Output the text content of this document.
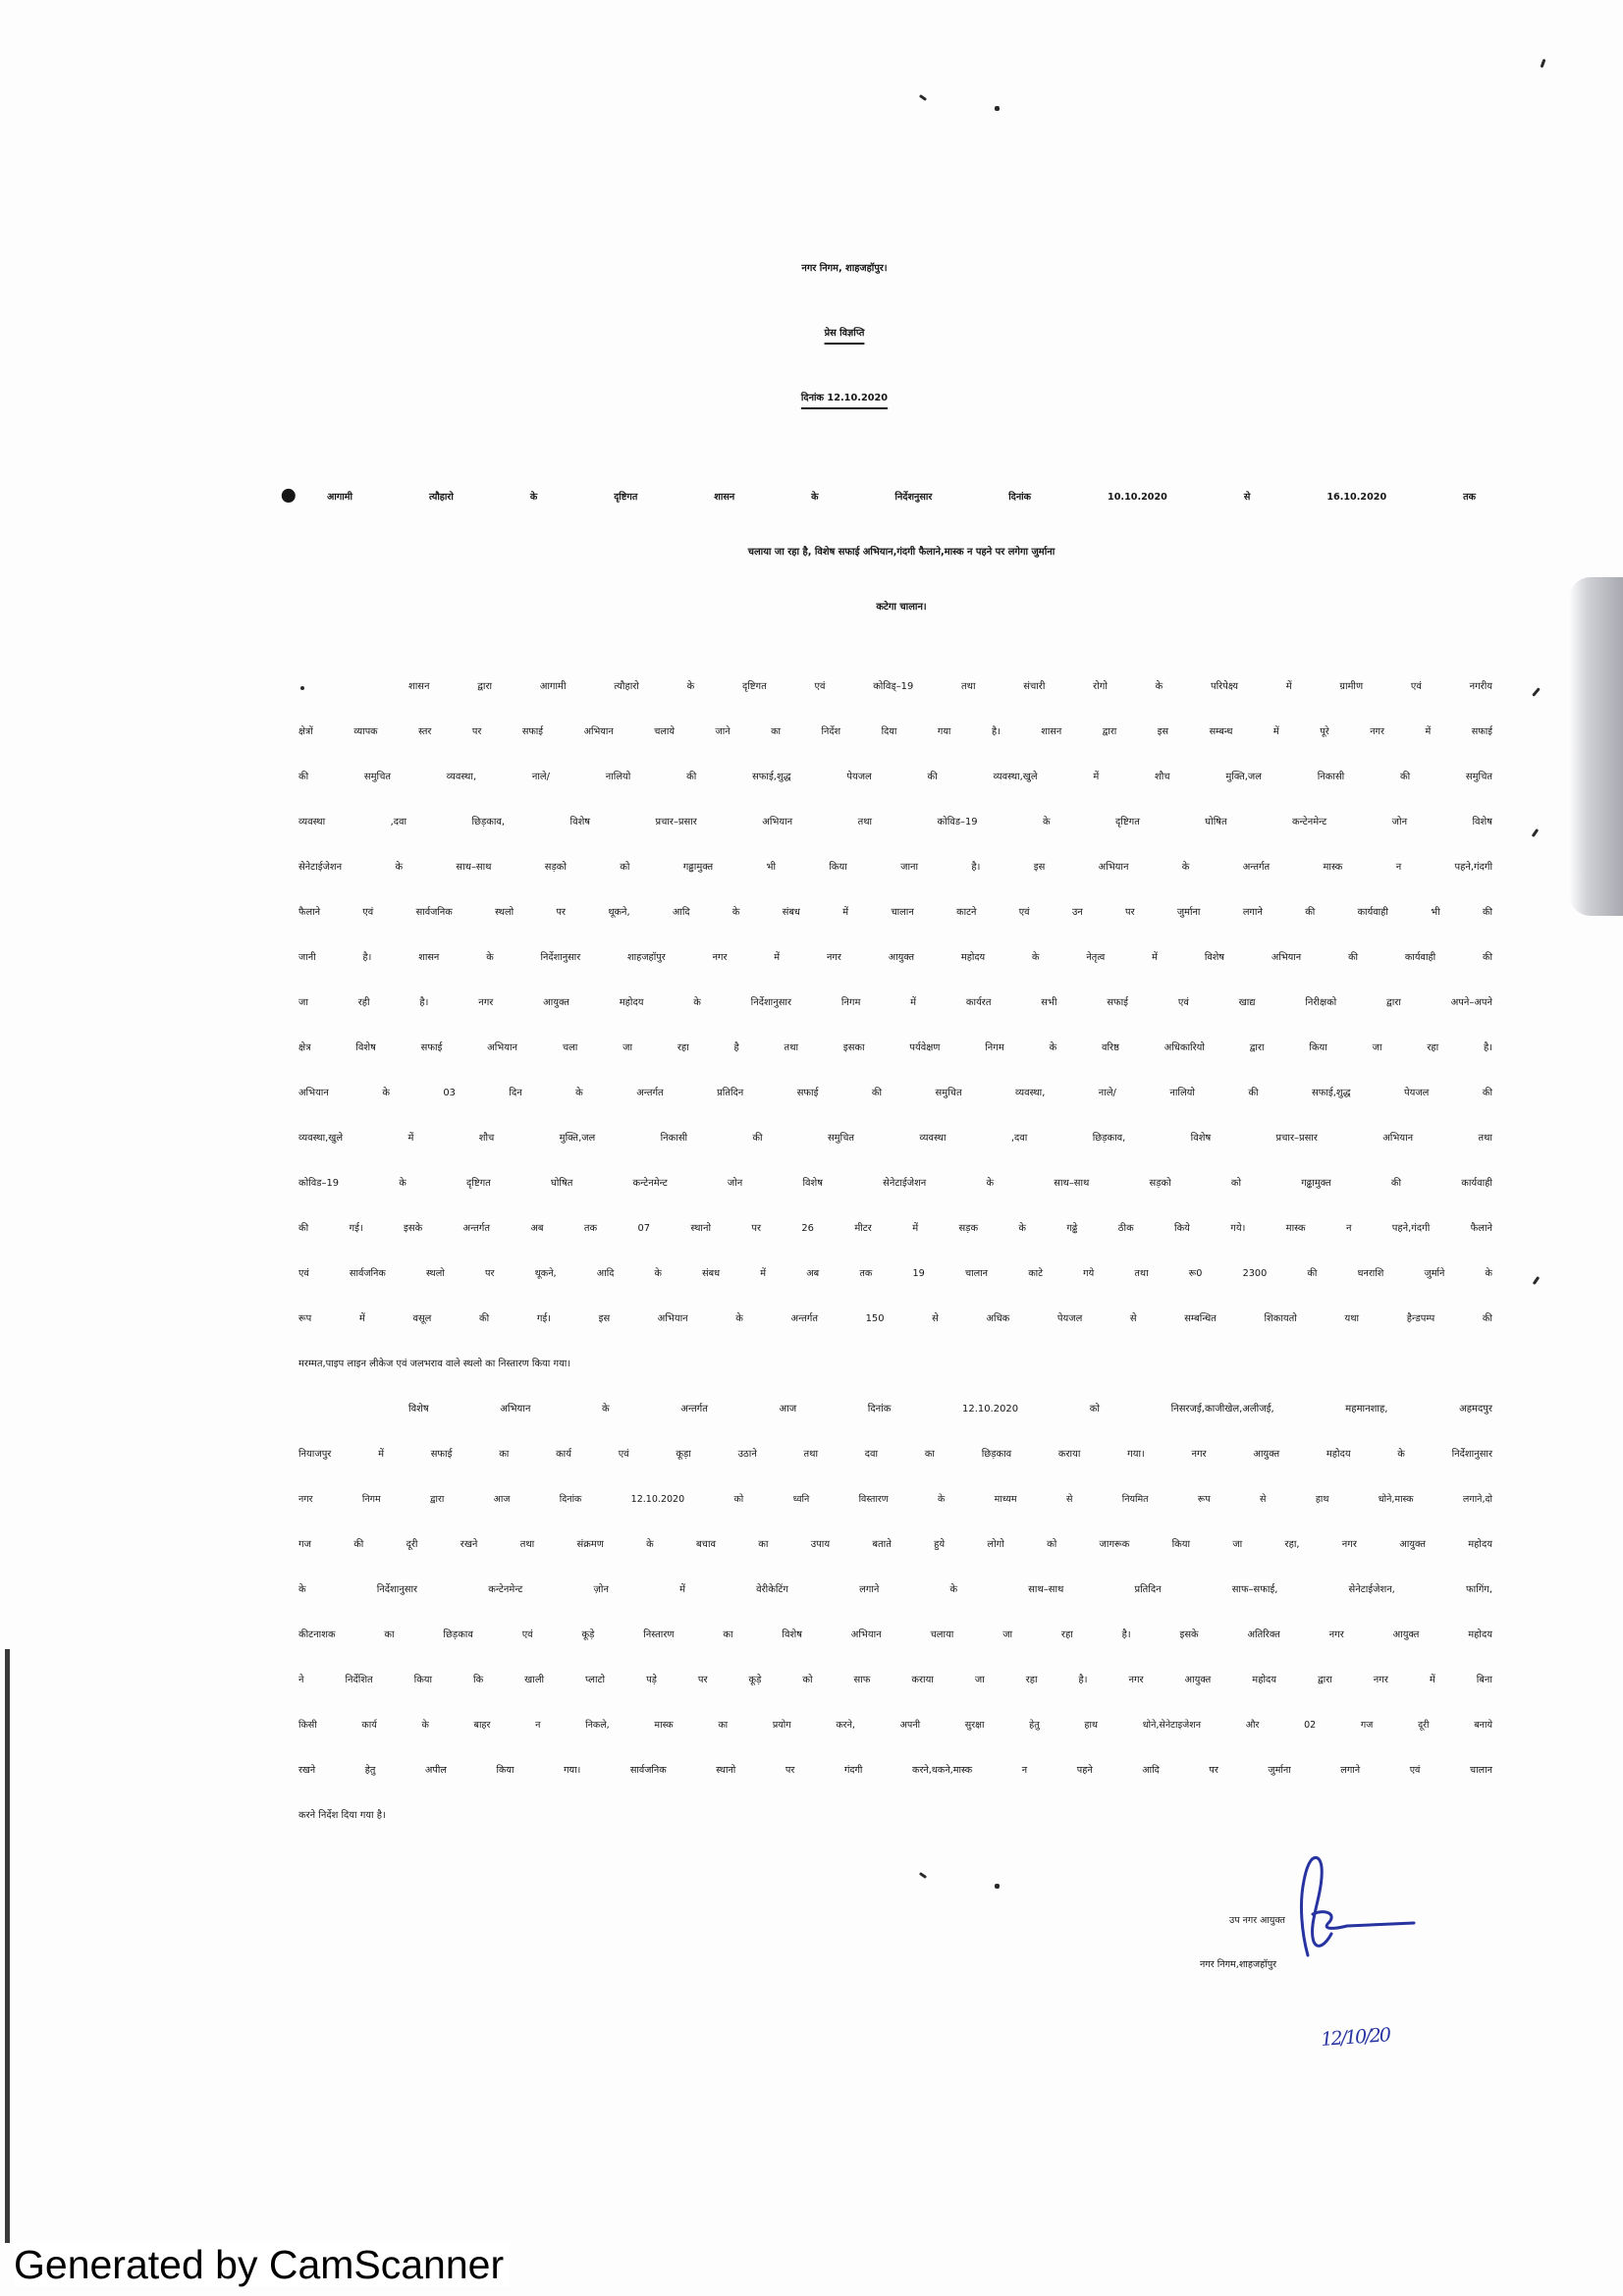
नगर निगम, शाहजहॉपुर।
प्रेस विज्ञप्ति
दिनांक 12.10.2020
•	आगामी त्यौहारो के दृष्टिगत शासन के निर्देशनुसार दिनांक 10.10.2020 से 16.10.2020 तक
चलाया जा रहा है, विशेष सफाई अभियान,गंदगी फैलाने,मास्क न पहने पर लगेगा जुर्माना
कटेगा चालान।
शासन द्वारा आगामी त्यौहारो के दृष्टिगत एवं कोविड्–19 तथा संचारी रोगो के परिपेक्ष्य में ग्रामीण एवं नगरीय
क्षेत्रों व्यापक स्तर पर सफाई अभियान चलाये जाने का निर्देश दिया गया है। शासन द्वारा इस सम्बन्ध में पूरे नगर में सफाई
की समुचित व्यवस्था, नाले/ नालियो की सफाई,शुद्ध पेयजल की व्यवस्था,खुले में शौच मुक्ति,जल निकासी की समुचित
व्यवस्था ,दवा छिड़काव, विशेष प्रचार–प्रसार अभियान तथा कोविड–19 के दृष्टिगत घोषित कन्टेनमेन्ट जोन विशेष
सेनेटाईजेशन के साथ–साथ सड़को को गढ्ढामुक्त भी किया जाना है। इस अभियान के अन्तर्गत मास्क न पहने,गंदगी
फैलाने एवं सार्वजनिक स्थलो पर थूकने, आदि के संबध में चालान काटने एवं उन पर जुर्माना लगाने की कार्यवाही भी की
जानी है। शासन के निर्देशानुसार शाहजहॉपुर नगर में नगर आयुक्त महोदय के नेतृत्व में विशेष अभियान की कार्यवाही की
जा रही है। नगर आयुक्त महोदय के निर्देशानुसार निगम में कार्यरत सभी सफाई एवं खाद्य निरीक्षको द्वारा अपने–अपने
क्षेत्र विशेष सफाई अभियान चला जा रहा है तथा इसका पर्यवेक्षण निगम के वरिष्ठ अधिकारियो द्वारा किया जा रहा है।
अभियान के 03 दिन के अन्तर्गत प्रतिदिन सफाई की समुचित व्यवस्था, नाले/ नालियो की सफाई,शुद्ध पेयजल की
व्यवस्था,खुले में शौच मुक्ति,जल निकासी की समुचित व्यवस्था ,दवा छिड़काव, विशेष प्रचार–प्रसार अभियान तथा
कोविड–19 के दृष्टिगत घोषित कन्टेनमेन्ट जोन विशेष सेनेटाईजेशन के साथ–साथ सड़को को गढ्ढामुक्त की कार्यवाही
की गई। इसके अन्तर्गत अब तक 07 स्थानो पर 26 मीटर में सड़क के गढ्ढे ठीक किये गये। मास्क न पहने,गंदगी फैलाने
एवं सार्वजनिक स्थलो पर थूकने, आदि के संबध में अब तक 19 चालान काटे गये तथा रू0 2300 की धनराशि जुर्माने के
रूप में वसूल की गई। इस अभियान के अन्तर्गत 150 से अधिक पेयजल से सम्बन्धित शिकायतो यथा हैन्डपम्प की
मरम्मत,पाइप लाइन लीकेज एवं जलभराव वाले स्थलो का निस्तारण किया गया।
विशेष अभियान के अन्तर्गत आज दिनांक 12.10.2020 को निसरजई,काजीखेल,अलीजई, महमानशाह, अहमदपुर
नियाजपुर में सफाई का कार्य एवं कूड़ा उठाने तथा दवा का छिड़काव कराया गया। नगर आयुक्त महोदय के निर्देशानुसार
नगर निगम द्वारा आज दिनांक 12.10.2020 को ध्वनि विस्तारण के माध्यम से नियमित रूप से हाथ धोने,मास्क लगाने,दो
गज की दूरी रखने तथा संक्रमण के बचाव का उपाय बताते हुये लोगो को जागरूक किया जा रहा, नगर आयुक्त महोदय
के निर्देशानुसार कन्टेनमेन्ट ज़ोन में वेरीकेटिंग लगाने के साथ–साथ प्रतिदिन साफ–सफाई, सेनेटाईजेशन, फागिंग,
कीटनाशक का छिड़काव एवं कूड़े निस्तारण का विशेष अभियान चलाया जा रहा है। इसके अतिरिक्त नगर आयुक्त महोदय
ने निर्देशित किया कि खाली प्लाटो पड़े पर कूड़े को साफ कराया जा रहा है। नगर आयुक्त महोदय द्वारा नगर में बिना
किसी कार्य के बाहर न निकले, मास्क का प्रयोग करने, अपनी सुरक्षा हेतु हाथ धोने,सेनेटाइजेशन और 02 गज दूरी बनाये
रखने हेतु अपील किया गया। सार्वजनिक स्थानो पर गंदगी करने,थकने,मास्क न पहने आदि पर जुर्माना लगाने एवं चालान
करने निर्देश दिया गया है।
उप नगर आयुक्त
नगर निगम,शाहजहॉपुर
12/10/20
Generated by CamScanner
